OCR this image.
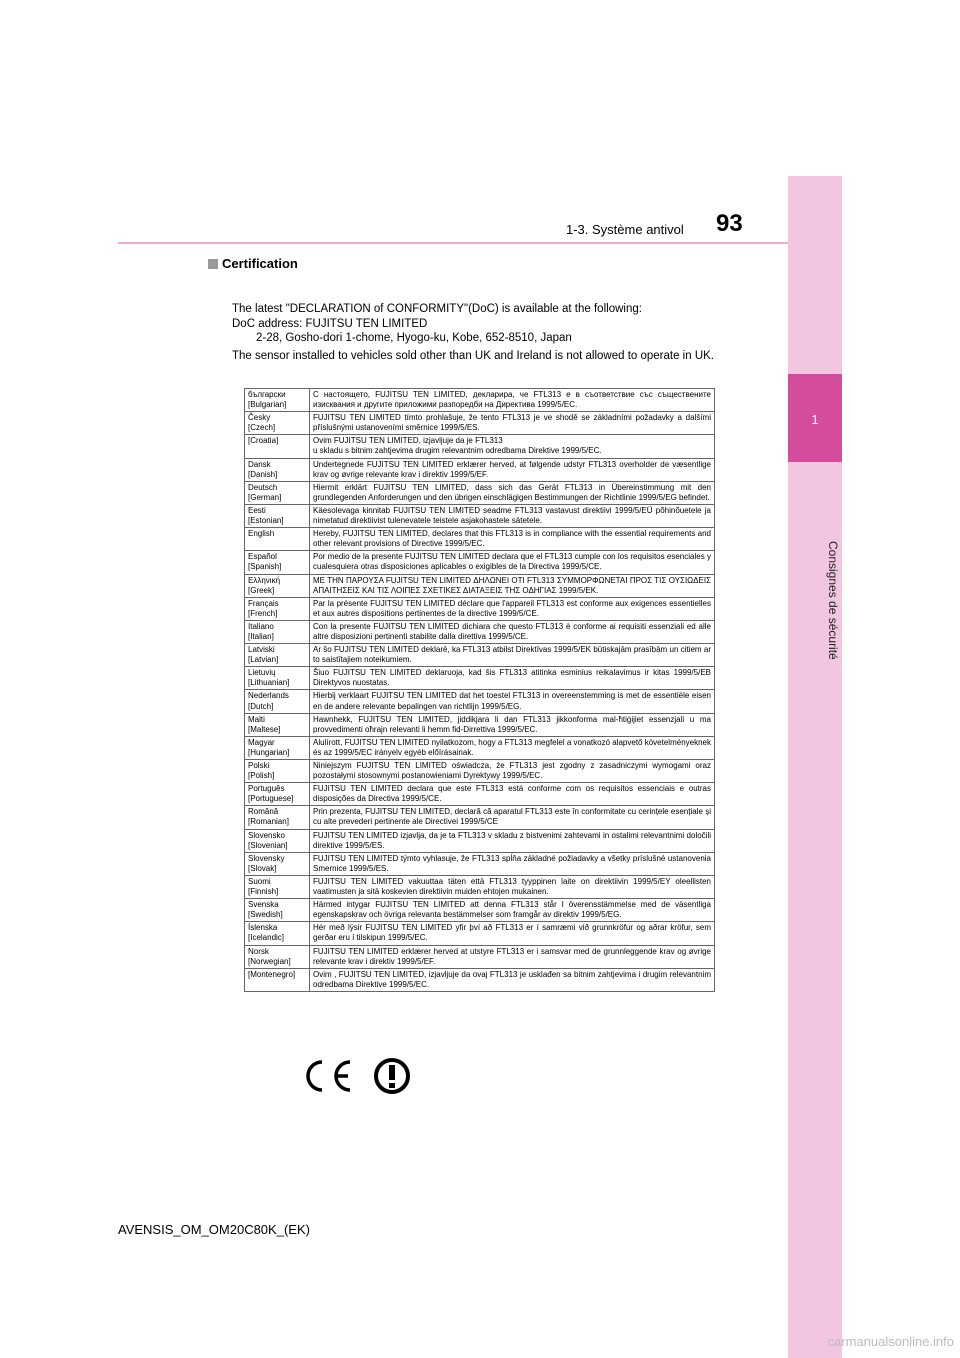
1
Consignes de sécurité
1-3. Système antivol 93
Certification
The latest "DECLARATION of CONFORMITY"(DoC) is available at the following:
DoC address: FUJITSU TEN LIMITED
2-28, Gosho-dori 1-chome, Hyogo-ku, Kobe, 652-8510, Japan
The sensor installed to vehicles sold other than UK and Ireland is not allowed to operate in UK.
български
[Bulgarian]	С настоящето, FUJITSU TEN LIMITED, декларира, че FTL313 е в съответствие със съществените изисквания и другите приложими разпоредби на Директива 1999/5/ЕС.
Česky
[Czech]	FUJITSU TEN LIMITED tímto prohlašuje, že tento FTL313 je ve shodě se základními požadavky a dalšími příslušnými ustanoveními směrnice 1999/5/ES.
[Croatia]	Ovim FUJITSU TEN LIMITED, izjavljuje da je FTL313
u skladu s bitnim zahtjevima drugim relevantnim odredbama Direktive 1999/5/EC.
Dansk
[Danish]	Undertegnede FUJITSU TEN LIMITED erklærer herved, at følgende udstyr FTL313 overholder de væsentlige krav og øvrige relevante krav i direktiv 1999/5/EF.
Deutsch
[German]	Hiermit erklärt FUJITSU TEN LIMITED, dass sich das Gerät FTL313 in Übereinstimmung mit den grundlegenden Anforderungen und den übrigen einschlägigen Bestimmungen der Richtlinie 1999/5/EG befindet.
Eesti
[Estonian]	Käesolevaga kinnitab FUJITSU TEN LIMITED seadme FTL313 vastavust direktiivi 1999/5/EÜ põhinõuetele ja nimetatud direktiivist tulenevatele teistele asjakohastele sätetele.
English	Hereby, FUJITSU TEN LIMITED, declares that this FTL313 is in compliance with the essential requirements and other relevant provisions of Directive 1999/5/EC.
Español
[Spanish]	Por medio de la presente FUJITSU TEN LIMITED declara que el FTL313 cumple con los requisitos esenciales y cualesquiera otras disposiciones aplicables o exigibles de la Directiva 1999/5/CE.
Ελληνική
[Greek]	ΜΕ ΤΗΝ ΠΑΡΟΥΣΑ FUJITSU TEN LIMITED ΔΗΛΩΝΕΙ ΟΤΙ FTL313 ΣΥΜΜΟΡΦΩΝΕΤΑΙ ΠΡΟΣ ΤΙΣ ΟΥΣΙΩΔΕΙΣ ΑΠΑΙΤΗΣΕΙΣ ΚΑΙ ΤΙΣ ΛΟΙΠΕΣ ΣΧΕΤΙΚΕΣ ΔΙΑΤΑΞΕΙΣ ΤΗΣ ΟΔΗΓΙΑΣ 1999/5/ΕΚ.
Français
[French]	Par la présente FUJITSU TEN LIMITED déclare que l'appareil FTL313 est conforme aux exigences essentielles et aux autres dispositions pertinentes de la directive 1999/5/CE.
Italiano
[Italian]	Con la presente FUJITSU TEN LIMITED dichiara che questo FTL313 è conforme ai requisiti essenziali ed alle altre disposizioni pertinenti stabilite dalla direttiva 1999/5/CE.
Latviski
[Latvian]	Ar šo FUJITSU TEN LIMITED deklarē, ka FTL313 atbilst Direktīvas 1999/5/EK būtiskajām prasībām un citiem ar to saistītajiem noteikumiem.
Lietuvių
[Lithuanian]	Šiuo FUJITSU TEN LIMITED deklaruoja, kad šis FTL313 atitinka esminius reikalavimus ir kitas 1999/5/EB Direktyvos nuostatas.
Nederlands
[Dutch]	Hierbij verklaart FUJITSU TEN LIMITED dat het toestel FTL313 in overeenstemming is met de essentiële eisen en de andere relevante bepalingen van richtlijn 1999/5/EG.
Malti
[Maltese]	Hawnhekk, FUJITSU TEN LIMITED, jiddikjara li dan FTL313 jikkonforma mal-ħtiġijiet essenzjali u ma provvedimenti oħrajn relevanti li hemm fid-Dirrettiva 1999/5/EC.
Magyar
[Hungarian]	Alulírott, FUJITSU TEN LIMITED nyilatkozom, hogy a FTL313 megfelel a vonatkozó alapvető követelményeknek és az 1999/5/EC irányelv egyéb előírásainak.
Polski
[Polish]	Niniejszym FUJITSU TEN LIMITED oświadcza, że FTL313 jest zgodny z zasadniczymi wymogami oraz pozostałymi stosownymi postanowieniami Dyrektywy 1999/5/EC.
Português
[Portuguese]	FUJITSU TEN LIMITED declara que este FTL313 está conforme com os requisitos essenciais e outras disposições da Directiva 1999/5/CE.
Română
[Romanian]	Prin prezenta, FUJITSU TEN LIMITED, declară că aparatul FTL313 este în conformitate cu cerințele esențiale și cu alte prevederi pertinente ale Directivei 1999/5/CE
Slovensko
[Slovenian]	FUJITSU TEN LIMITED izjavlja, da je ta FTL313 v skladu z bistvenimi zahtevami in ostalimi relevantnimi določili direktive 1999/5/ES.
Slovensky
[Slovak]	FUJITSU TEN LIMITED týmto vyhlasuje, že FTL313 spĺňa základné požiadavky a všetky príslušné ustanovenia Smernice 1999/5/ES.
Suomi
[Finnish]	FUJITSU TEN LIMITED vakuuttaa täten että FTL313 tyyppinen laite on direktiivin 1999/5/EY oleellisten vaatimusten ja sitä koskevien direktiivin muiden ehtojen mukainen.
Svenska
[Swedish]	Härmed intygar FUJITSU TEN LIMITED att denna FTL313 står I överensstämmelse med de väsentliga egenskapskrav och övriga relevanta bestämmelser som framgår av direktiv 1999/5/EG.
Íslenska
[Icelandic]	Hér með lýsir FUJITSU TEN LIMITED yfir því að FTL313 er í samræmi við grunnkröfur og aðrar kröfur, sem gerðar eru í tilskipun 1999/5/EC.
Norsk
[Norwegian]	FUJITSU TEN LIMITED erklærer herved at utstyre FTL313 er i samsvar med de grunnleggende krav og øvrige relevante krav i direktiv 1999/5/EF.
[Montenegro]	Ovim , FUJITSU TEN LIMITED, izjavljuje da ovaj FTL313 je usklađen sa bitnim zahtjevima i drugim relevantnim odredbama Direktive 1999/5/EC.
AVENSIS_OM_OM20C80K_(EK)
carmanualsonline.info
